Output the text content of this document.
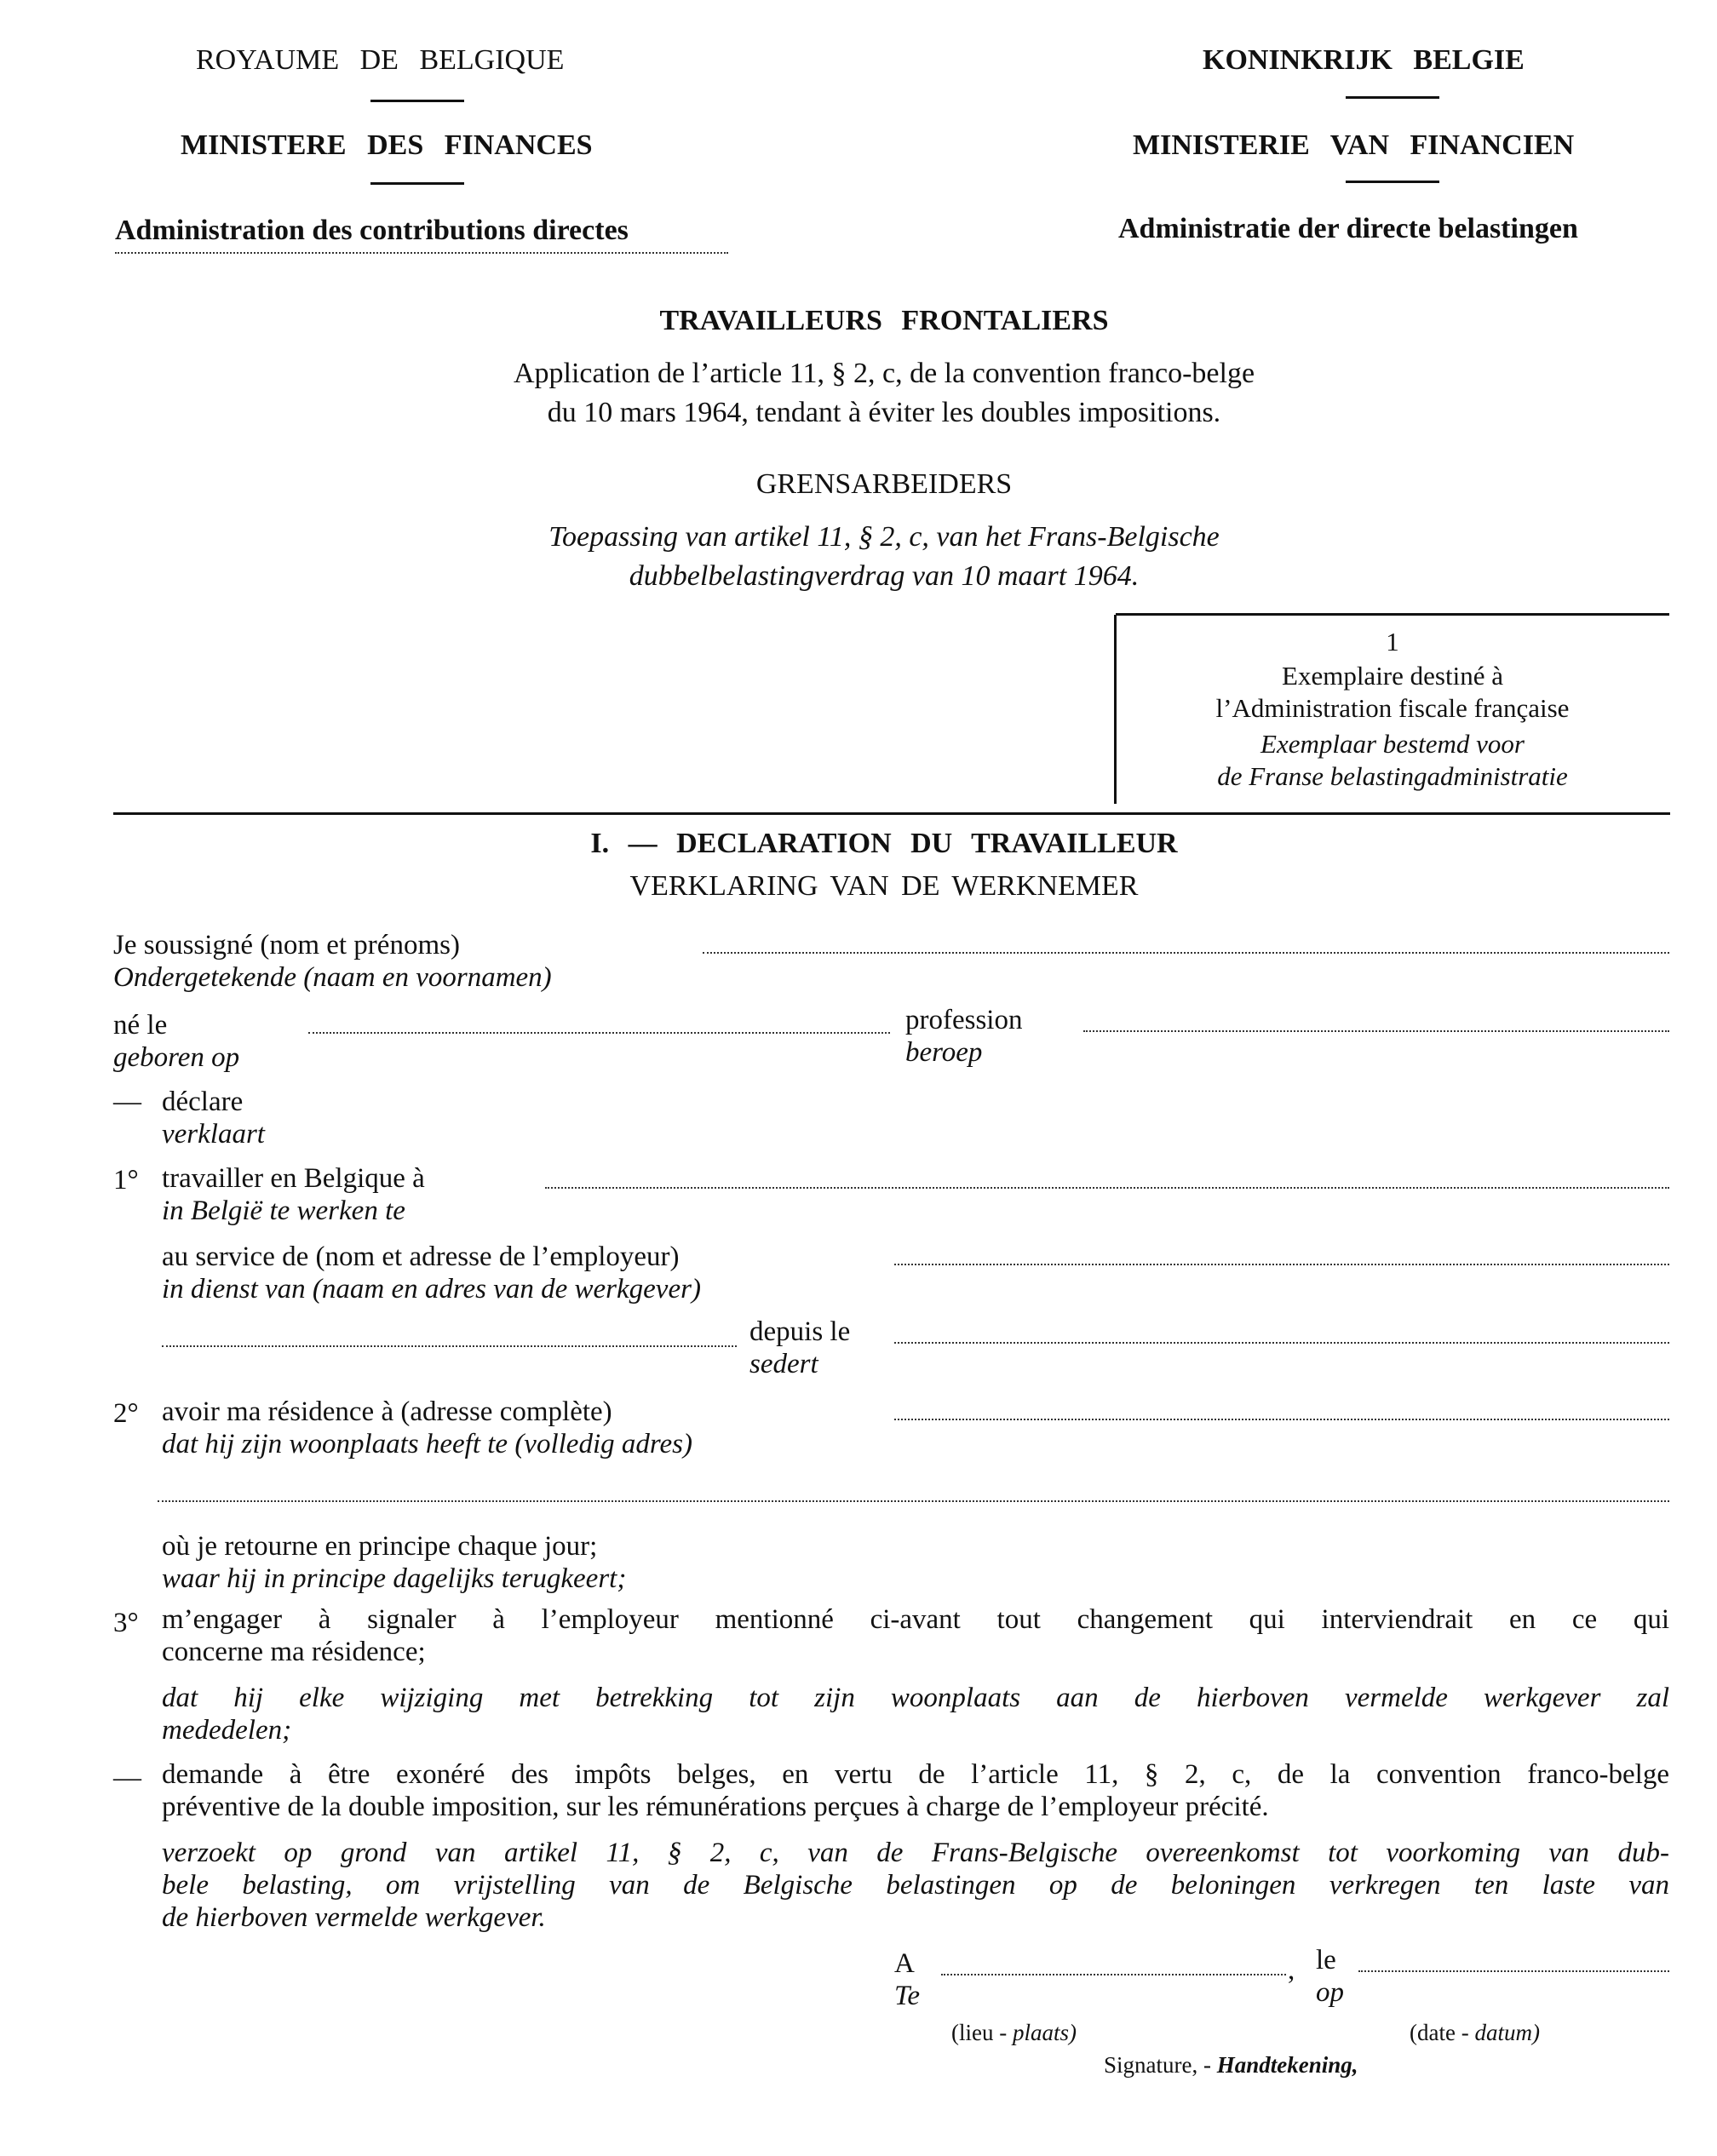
ROYAUME DE BELGIQUE
MINISTERE DES FINANCES
Administration des contributions directes
KONINKRIJK BELGIE
MINISTERIE VAN FINANCIEN
Administratie der directe belastingen
TRAVAILLEURS FRONTALIERS
Application de l’article 11, § 2, c, de la convention franco-belge
du 10 mars 1964, tendant à éviter les doubles impositions.
GRENSARBEIDERS
Toepassing van artikel 11, § 2, c, van het Frans-Belgische
dubbelbelastingverdrag van 10 maart 1964.
1
Exemplaire destiné à
l’Administration fiscale française
Exemplaar bestemd voor
de Franse belastingadministratie
I. — DECLARATION DU TRAVAILLEUR
VERKLARING VAN DE WERKNEMER
Je soussigné (nom et prénoms)
Ondergetekende (naam en voornamen)
né le
geboren op
profession
beroep
— déclare
verklaart
1° travailler en Belgique à
in België te werken te
au service de (nom et adresse de l’employeur)
in dienst van (naam en adres van de werkgever)
depuis le
sedert
2° avoir ma résidence à (adresse complète)
dat hij zijn woonplaats heeft te (volledig adres)
où je retourne en principe chaque jour;
waar hij in principe dagelijks terugkeert;
3° m’engager à signaler à l’employeur mentionné ci-avant tout changement qui interviendrait en ce qui
concerne ma résidence;
dat hij elke wijziging met betrekking tot zijn woonplaats aan de hierboven vermelde werkgever zal
mededelen;
— demande à être exonéré des impôts belges, en vertu de l’article 11, § 2, c, de la convention franco-belge
préventive de la double imposition, sur les rémunérations perçues à charge de l’employeur précité.
verzoekt op grond van artikel 11, § 2, c, van de Frans-Belgische overeenkomst tot voorkoming van dub-
bele belasting, om vrijstelling van de Belgische belastingen op de beloningen verkregen ten laste van
de hierboven vermelde werkgever.
A
Te
, le
op
(lieu - plaats)	(date - datum)
Signature, - Handtekening,
